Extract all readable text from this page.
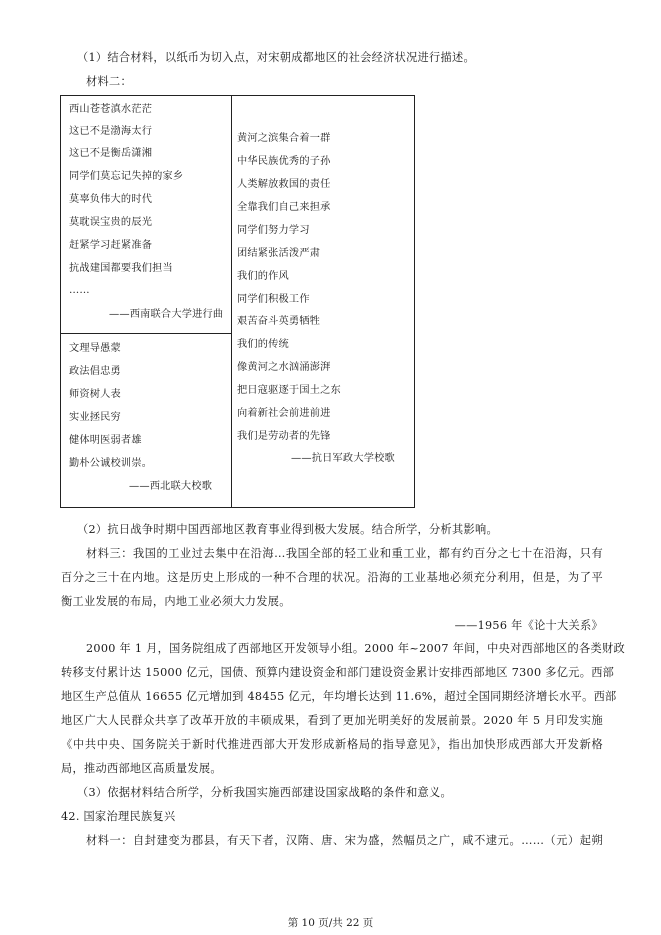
（1）结合材料，以纸币为切入点，对宋朝成都地区的社会经济状况进行描述。
材料二：
西山苍苍滇水茫茫
这已不是渤海太行
这已不是衡岳潇湘
同学们莫忘记失掉的家乡
莫辜负伟大的时代
莫耽误宝贵的辰光
赶紧学习赶紧准备
抗战建国都要我们担当
……
——西南联合大学进行曲
文理导愚蒙
政法倡忠勇
师资树人表
实业拯民穷
健体明医弱者雄
勤朴公诚校训崇。
——西北联大校歌
黄河之滨集合着一群
中华民族优秀的子孙
人类解放救国的责任
全靠我们自己来担承
同学们努力学习
团结紧张活泼严肃
我们的作风
同学们积极工作
艰苦奋斗英勇牺牲
我们的传统
像黄河之水汹涌澎湃
把日寇驱逐于国土之东
向着新社会前进前进
我们是劳动者的先锋
——抗日军政大学校歌
（2）抗日战争时期中国西部地区教育事业得到极大发展。结合所学，分析其影响。
材料三：我国的工业过去集中在沿海…我国全部的轻工业和重工业，都有约百分之七十在沿海，只有
百分之三十在内地。这是历史上形成的一种不合理的状况。沿海的工业基地必须充分利用，但是，为了平
衡工业发展的布局，内地工业必须大力发展。
——1956 年《论十大关系》
2000 年 1 月，国务院组成了西部地区开发领导小组。2000 年~2007 年间，中央对西部地区的各类财政
转移支付累计达 15000 亿元，国债、预算内建设资金和部门建设资金累计安排西部地区 7300 多亿元。西部
地区生产总值从 16655 亿元增加到 48455 亿元，年均增长达到 11.6%，超过全国同期经济增长水平。西部
地区广大人民群众共享了改革开放的丰硕成果，看到了更加光明美好的发展前景。2020 年 5 月印发实施
《中共中央、国务院关于新时代推进西部大开发形成新格局的指导意见》，指出加快形成西部大开发新格
局，推动西部地区高质量发展。
（3）依据材料结合所学，分析我国实施西部建设国家战略的条件和意义。
42. 国家治理民族复兴
材料一：自封建变为郡县，有天下者，汉隋、唐、宋为盛，然幅员之广，咸不逮元。……（元）起朔
第 10 页/共 22 页
